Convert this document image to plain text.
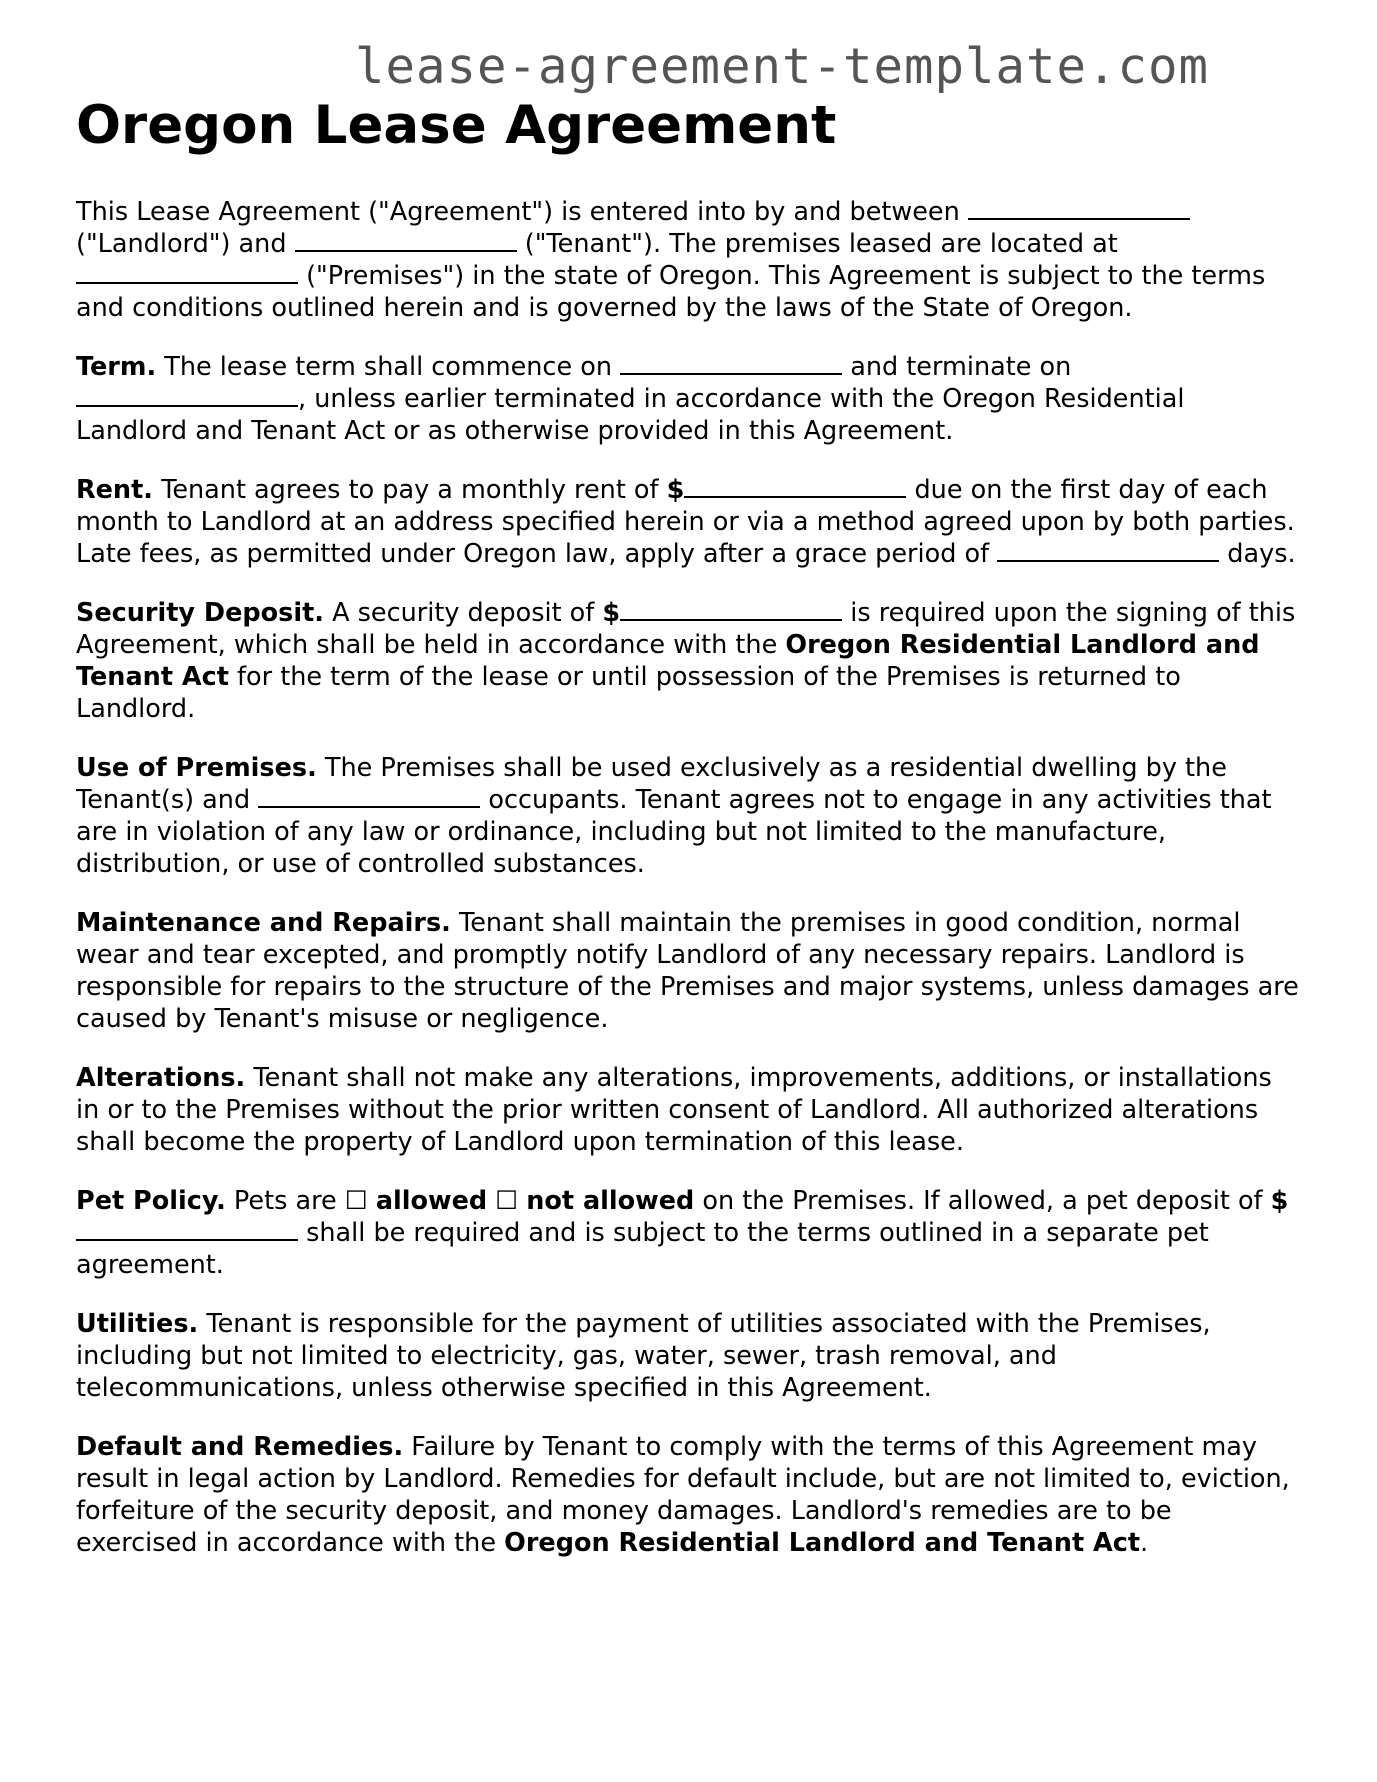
lease-agreement-template.com
Oregon Lease Agreement

This Lease Agreement ("Agreement") is entered into by and between  ("Landlord") and	("Tenant"). The premises leased are located at  ("Premises") in the state of Oregon. This Agreement is subject to the terms and conditions outlined herein and is governed by the laws of the State of Oregon.

Term. The lease term shall commence on	and terminate on , unless earlier terminated in accordance with the Oregon Residential Landlord and Tenant Act or as otherwise provided in this Agreement.

Rent. Tenant agrees to pay a monthly rent of $	due on the first day of each month to Landlord at an address specified herein or via a method agreed upon by both parties. Late fees, as permitted under Oregon law, apply after a grace period of	days.

Security Deposit. A security deposit of $	is required upon the signing of this Agreement, which shall be held in accordance with the Oregon Residential Landlord and Tenant Act for the term of the lease or until possession of the Premises is returned to Landlord.

Use of Premises. The Premises shall be used exclusively as a residential dwelling by the Tenant(s) and	occupants. Tenant agrees not to engage in any activities that are in violation of any law or ordinance, including but not limited to the manufacture, distribution, or use of controlled substances.

Maintenance and Repairs. Tenant shall maintain the premises in good condition, normal wear and tear excepted, and promptly notify Landlord of any necessary repairs. Landlord is responsible for repairs to the structure of the Premises and major systems, unless damages are caused by Tenant's misuse or negligence.

Alterations. Tenant shall not make any alterations, improvements, additions, or installations in or to the Premises without the prior written consent of Landlord. All authorized alterations shall become the property of Landlord upon termination of this lease.

Pet Policy. Pets are ☐ allowed ☐ not allowed on the Premises. If allowed, a pet deposit of $ shall be required and is subject to the terms outlined in a separate pet agreement.

Utilities. Tenant is responsible for the payment of utilities associated with the Premises, including but not limited to electricity, gas, water, sewer, trash removal, and telecommunications, unless otherwise specified in this Agreement.

Default and Remedies. Failure by Tenant to comply with the terms of this Agreement may result in legal action by Landlord. Remedies for default include, but are not limited to, eviction, forfeiture of the security deposit, and money damages. Landlord's remedies are to be exercised in accordance with the Oregon Residential Landlord and Tenant Act.
